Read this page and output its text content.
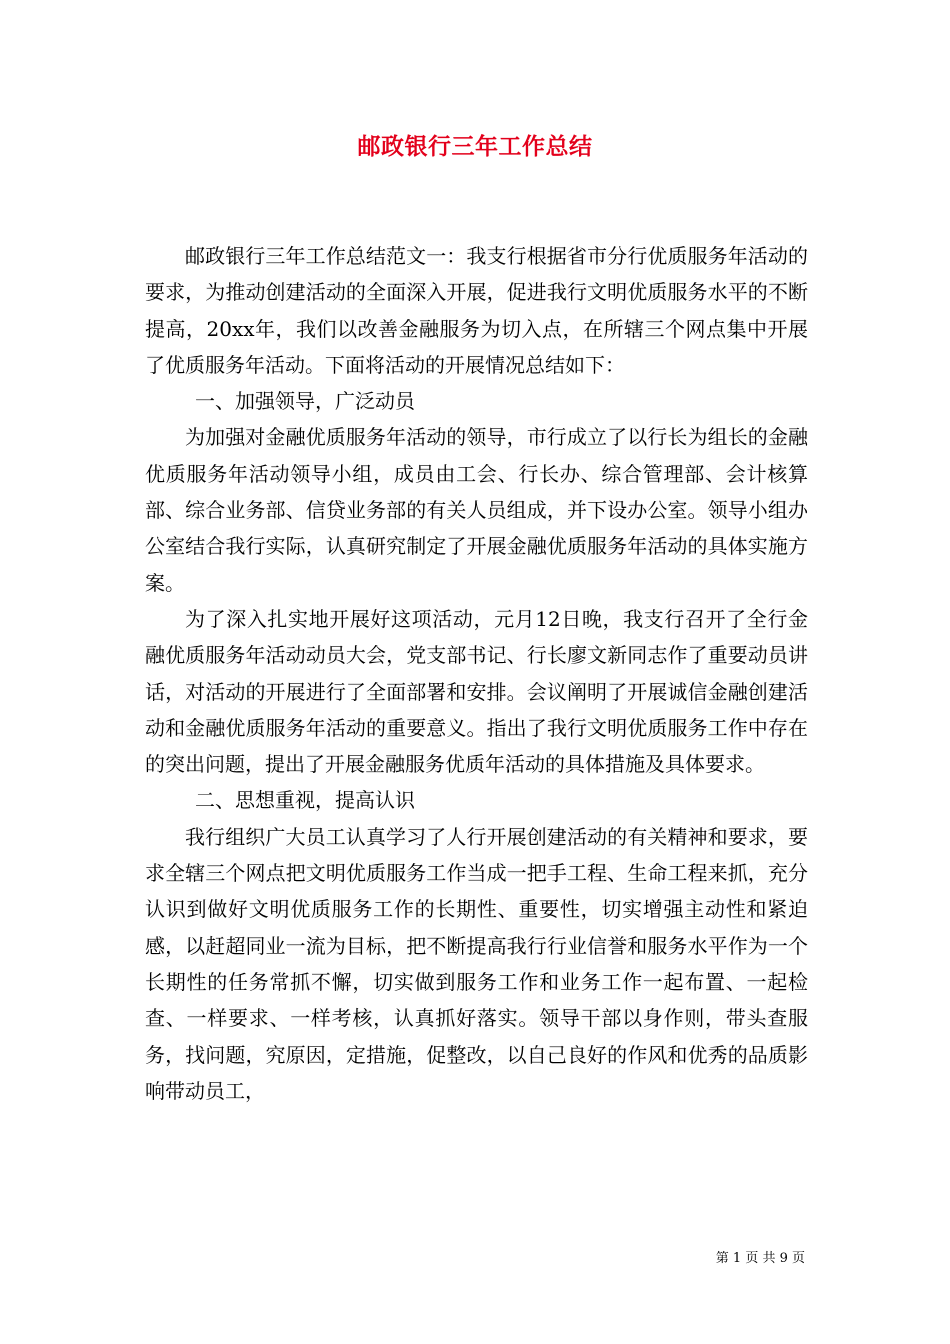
邮政银行三年工作总结

邮政银行三年工作总结范文一：我支行根据省市分行优质服务年活动的要求，为推动创建活动的全面深入开展，促进我行文明优质服务水平的不断提高，20xx年，我们以改善金融服务为切入点，在所辖三个网点集中开展了优质服务年活动。下面将活动的开展情况总结如下：

一、加强领导，广泛动员

为加强对金融优质服务年活动的领导，市行成立了以行长为组长的金融优质服务年活动领导小组，成员由工会、行长办、综合管理部、会计核算部、综合业务部、信贷业务部的有关人员组成，并下设办公室。领导小组办公室结合我行实际，认真研究制定了开展金融优质服务年活动的具体实施方案。

为了深入扎实地开展好这项活动，元月12日晚，我支行召开了全行金融优质服务年活动动员大会，党支部书记、行长廖文新同志作了重要动员讲话，对活动的开展进行了全面部署和安排。会议阐明了开展诚信金融创建活动和金融优质服务年活动的重要意义。指出了我行文明优质服务工作中存在的突出问题，提出了开展金融服务优质年活动的具体措施及具体要求。

二、思想重视，提高认识

我行组织广大员工认真学习了人行开展创建活动的有关精神和要求，要求全辖三个网点把文明优质服务工作当成一把手工程、生命工程来抓，充分认识到做好文明优质服务工作的长期性、重要性，切实增强主动性和紧迫感，以赶超同业一流为目标，把不断提高我行行业信誉和服务水平作为一个长期性的任务常抓不懈，切实做到服务工作和业务工作一起布置、一起检查、一样要求、一样考核，认真抓好落实。领导干部以身作则，带头查服务，找问题，究原因，定措施，促整改，以自己良好的作风和优秀的品质影响带动员工，

第 1 页 共 9 页
